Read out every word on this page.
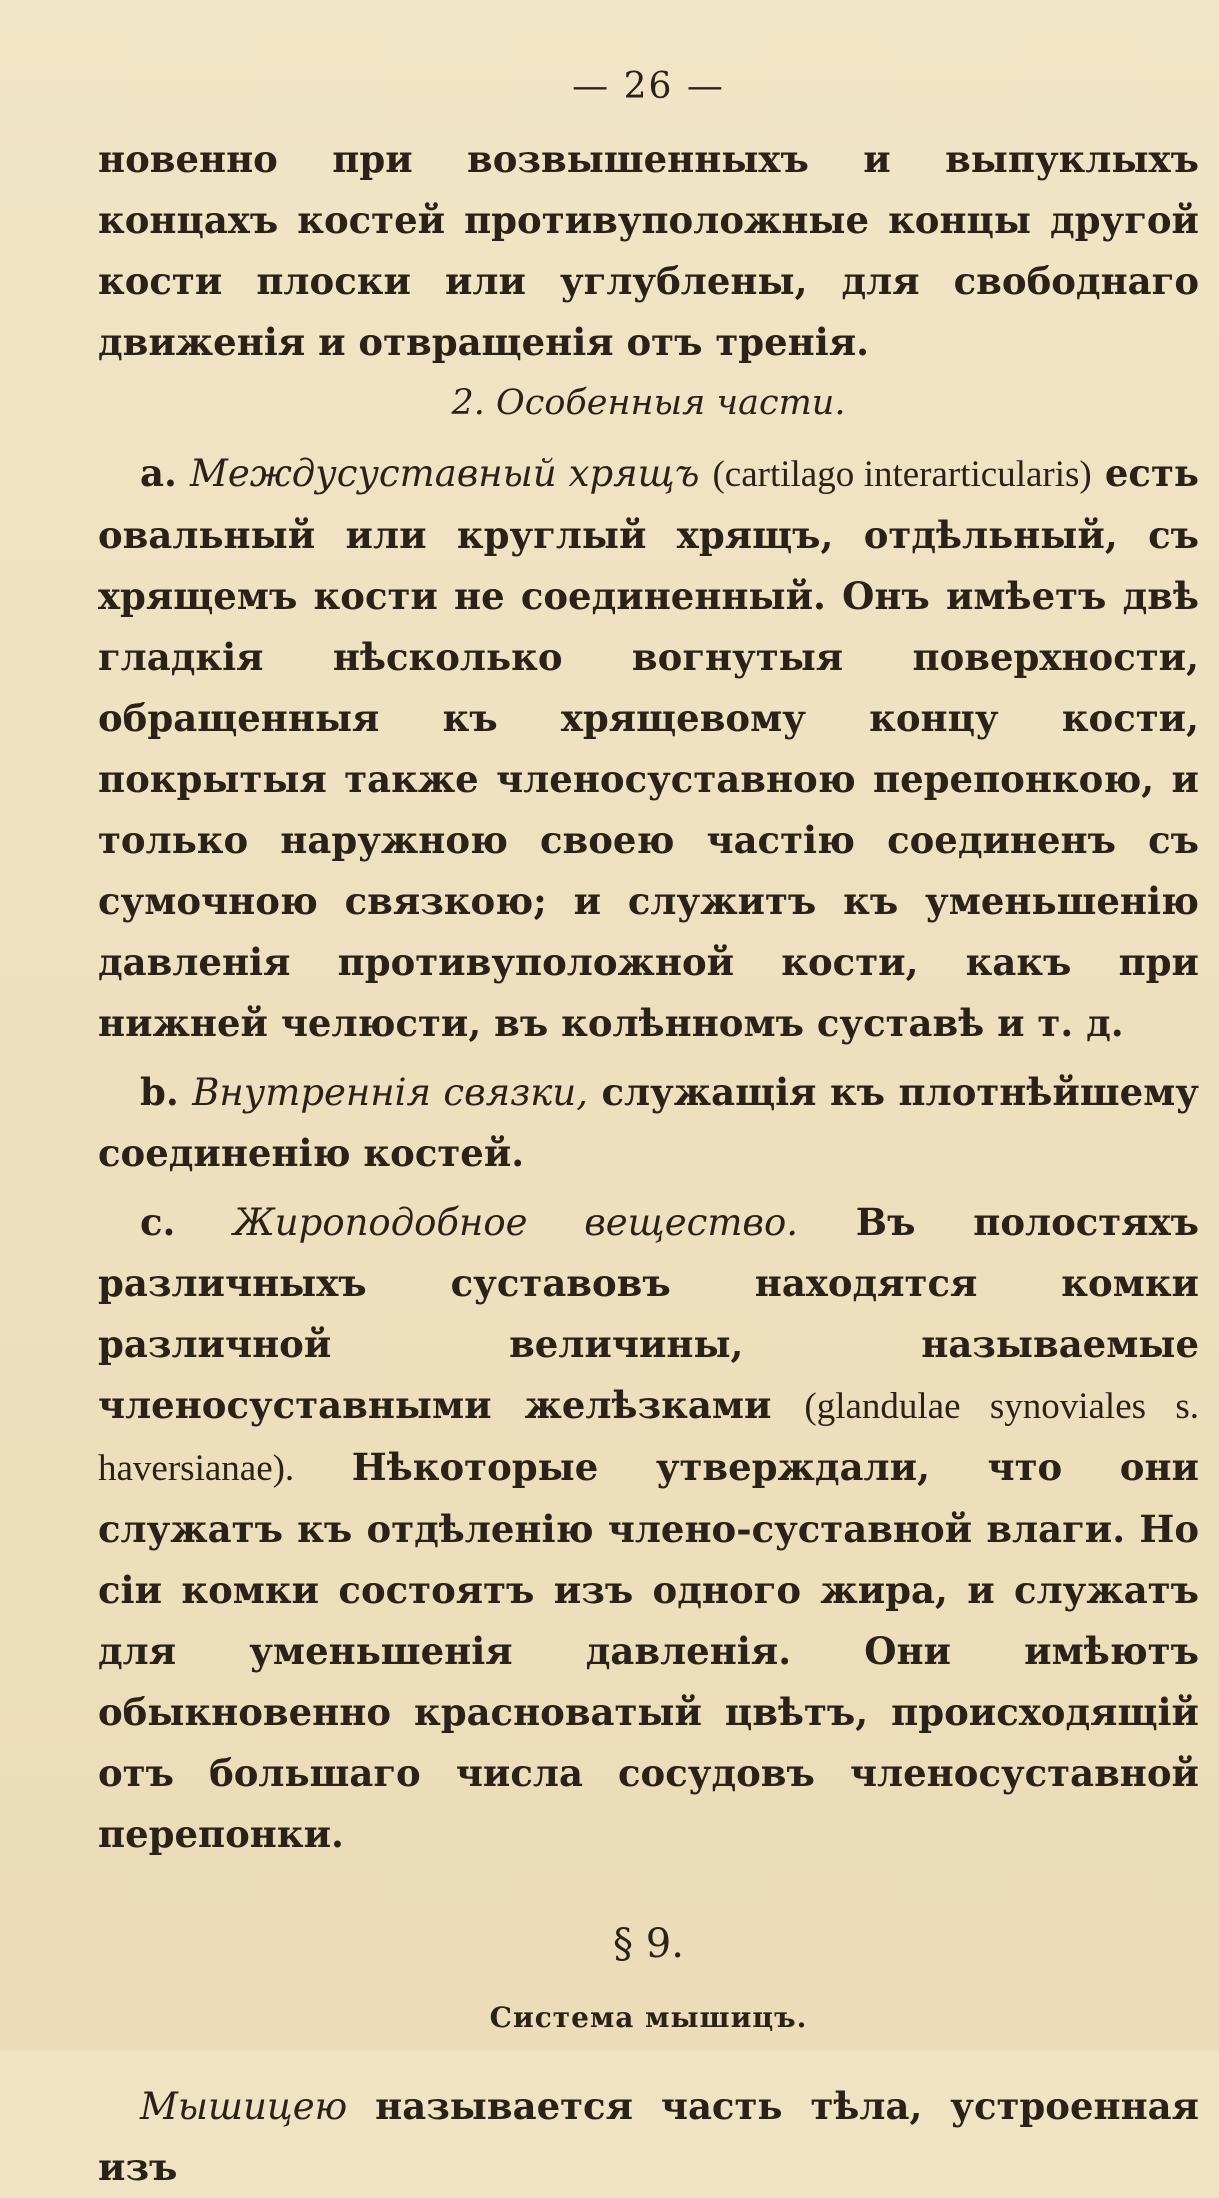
— 26 —

новенно при возвышенныхъ и выпуклыхъ концахъ костей противуположные концы другой кости плоски или углублены, для свободнаго движенія и отвращенія отъ тренія.

2. Особенныя части.

a. Междусуставный хрящъ (cartilago interarticularis) есть овальный или круглый хрящъ, отдѣльный, съ хрящемъ кости не соединенный. Онъ имѣетъ двѣ гладкія нѣсколько вогнутыя поверхности, обращенныя къ хрящевому концу кости, покрытыя также членосуставною перепонкою, и только наружною своею частію соединенъ съ сумочною связкою; и служитъ къ уменьшенію давленія противуположной кости, какъ при нижней челюсти, въ колѣнномъ суставѣ и т. д.

b. Внутреннія связки, служащія къ плотнѣйшему соединенію костей.

c. Жироподобное вещество. Въ полостяхъ различныхъ суставовъ находятся комки различной величины, называемые членосуставными желѣзками (glandulae synoviales s. haversianae). Нѣкоторые утверждали, что они служатъ къ отдѣленію члено-суставной влаги. Но сіи комки состоятъ изъ одного жира, и служатъ для уменьшенія давленія. Они имѣютъ обыкновенно красноватый цвѣтъ, происходящій отъ большаго числа сосудовъ членосуставной перепонки.

§ 9.
Система мышицъ.

Мышицею называется часть тѣла, устроенная изъ
